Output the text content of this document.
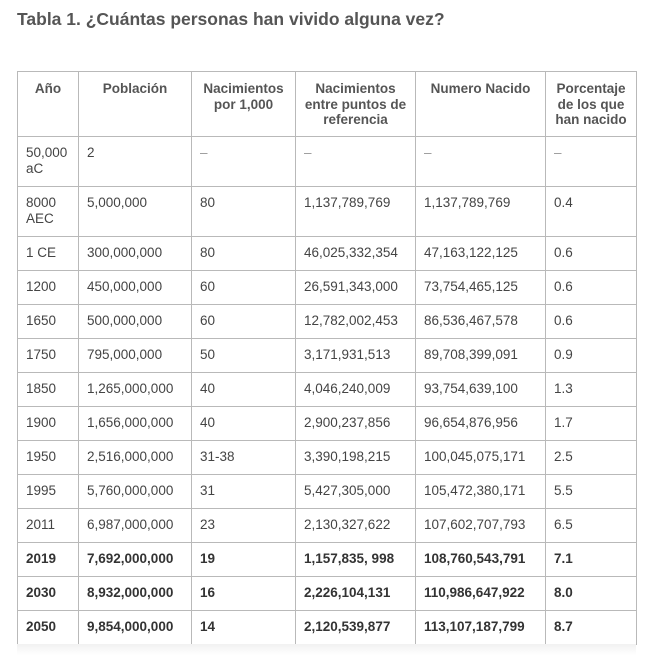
Tabla 1. ¿Cuántas personas han vivido alguna vez?
Año	Población	Nacimientos por 1,000	Nacimientos entre puntos de referencia	Numero Nacido	Porcentaje de los que han nacido
50,000 aC	2	–	–	–	–
8000 AEC	5,000,000	80	1,137,789,769	1,137,789,769	0.4
1 CE	300,000,000	80	46,025,332,354	47,163,122,125	0.6
1200	450,000,000	60	26,591,343,000	73,754,465,125	0.6
1650	500,000,000	60	12,782,002,453	86,536,467,578	0.6
1750	795,000,000	50	3,171,931,513	89,708,399,091	0.9
1850	1,265,000,000	40	4,046,240,009	93,754,639,100	1.3
1900	1,656,000,000	40	2,900,237,856	96,654,876,956	1.7
1950	2,516,000,000	31-38	3,390,198,215	100,045,075,171	2.5
1995	5,760,000,000	31	5,427,305,000	105,472,380,171	5.5
2011	6,987,000,000	23	2,130,327,622	107,602,707,793	6.5
2019	7,692,000,000	19	1,157,835, 998	108,760,543,791	7.1
2030	8,932,000,000	16	2,226,104,131	110,986,647,922	8.0
2050	9,854,000,000	14	2,120,539,877	113,107,187,799	8.7
